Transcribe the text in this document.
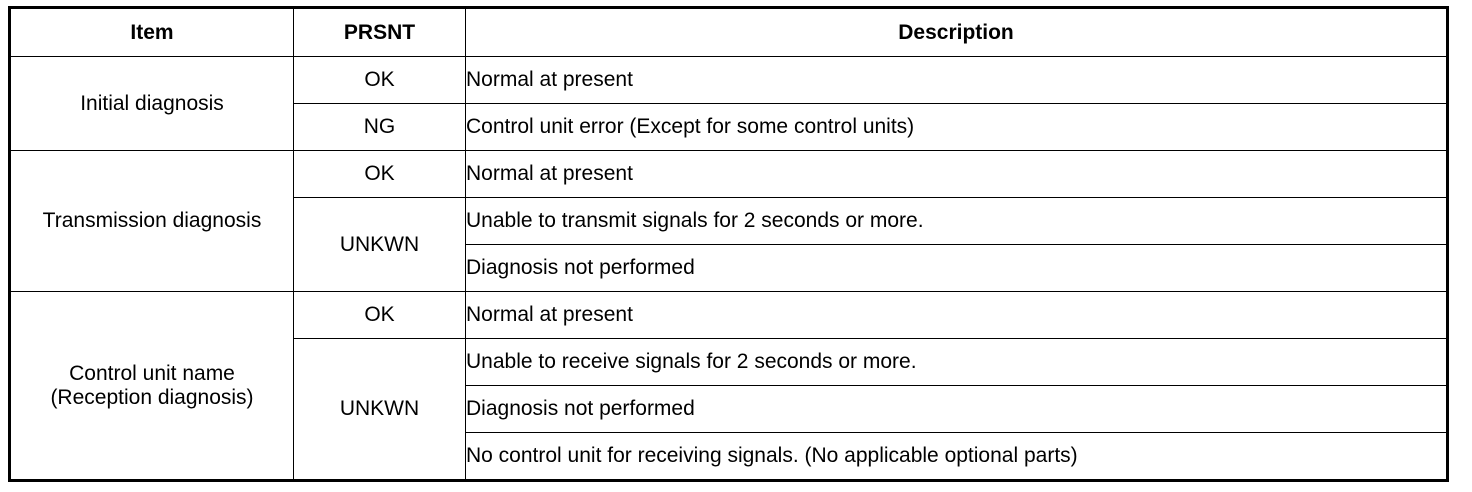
Item	PRSNT	Description

Initial diagnosis	OK	Normal at present
	NG	Control unit error (Except for some control units)

Transmission diagnosis	OK	Normal at present
	UNKWN	Unable to transmit signals for 2 seconds or more.
		Diagnosis not performed

Control unit name
(Reception diagnosis)	OK	Normal at present
	UNKWN	Unable to receive signals for 2 seconds or more.
		Diagnosis not performed
		No control unit for receiving signals. (No applicable optional parts)
